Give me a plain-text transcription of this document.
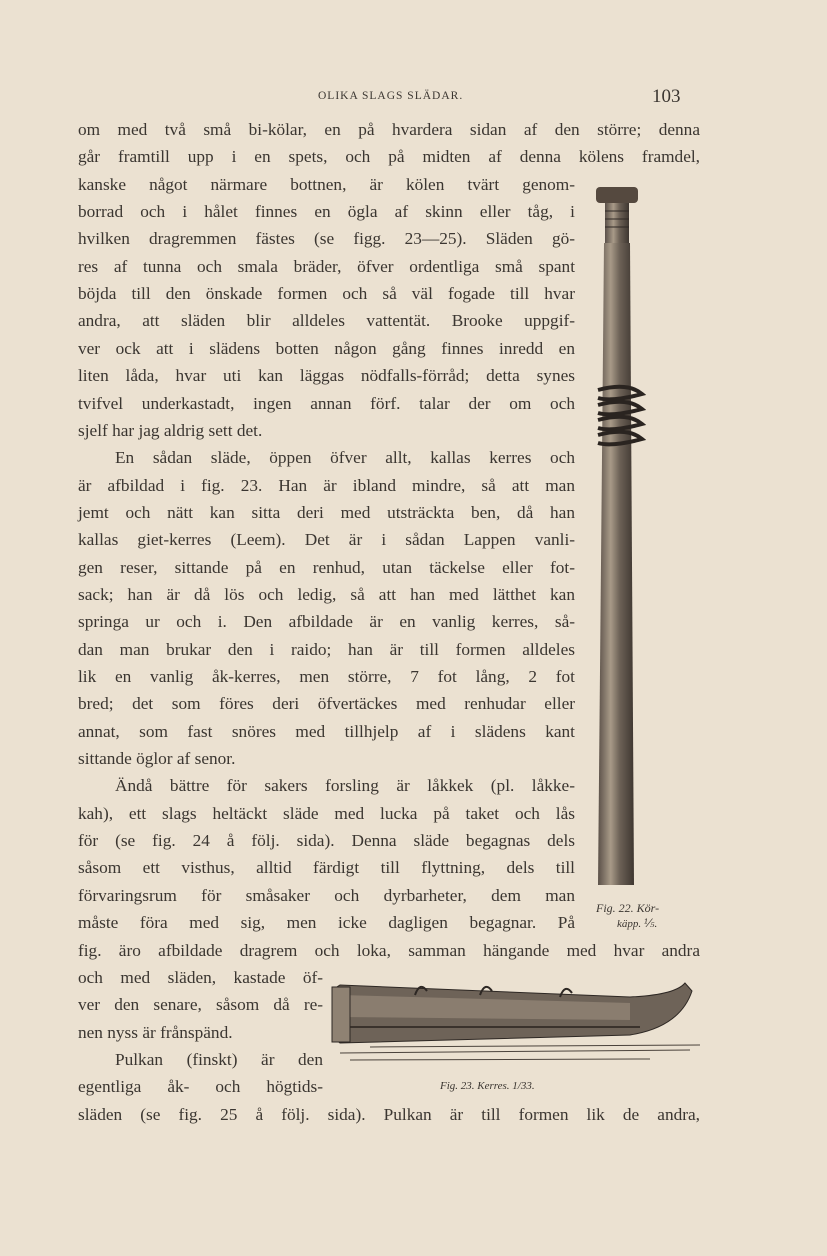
OLIKA SLAGS SLÄDAR.	103
om med två små bi-kölar, en på hvardera sidan af den större; denna
går framtill upp i en spets, och på midten af denna kölens framdel,
kanske något närmare bottnen, är kölen tvärt genom-
borrad och i hålet finnes en ögla af skinn eller tåg, i
hvilken dragremmen fästes (se figg. 23—25). Släden gö-
res af tunna och smala bräder, öfver ordentliga små spant
böjda till den önskade formen och så väl fogade till hvar
andra, att släden blir alldeles vattentät. Brooke uppgif-
ver ock att i slädens botten någon gång finnes inredd en
liten låda, hvar uti kan läggas nödfalls-förråd; detta synes
tvifvel underkastadt, ingen annan förf. talar der om och
sjelf har jag aldrig sett det.
En sådan släde, öppen öfver allt, kallas kerres och
är afbildad i fig. 23. Han är ibland mindre, så att man
jemt och nätt kan sitta deri med utsträckta ben, då han
kallas giet-kerres (Leem). Det är i sådan Lappen vanli-
gen reser, sittande på en renhud, utan täckelse eller fot-
sack; han är då lös och ledig, så att han med lätthet kan
springa ur och i. Den afbildade är en vanlig kerres, så-
dan man brukar den i raido; han är till formen alldeles
lik en vanlig åk-kerres, men större, 7 fot lång, 2 fot
bred; det som föres deri öfvertäckes med renhudar eller
annat, som fast snöres med tillhjelp af i slädens kant
sittande öglor af senor.
Ändå bättre för sakers forsling är låkkek (pl. låkke-
kah), ett slags heltäckt släde med lucka på taket och lås
för (se fig. 24 å följ. sida). Denna släde begagnas dels
såsom ett visthus, alltid färdigt till flyttning, dels till
förvaringsrum för småsaker och dyrbarheter, dem man
måste föra med sig, men icke dagligen begagnar. På
fig. äro afbildade dragrem och loka, samman hängande med hvar andra
och med släden, kastade öf-
ver den senare, såsom då re-
nen nyss är frånspänd.
Pulkan (finskt) är den
egentliga åk- och högtids-
släden (se fig. 25 å följ. sida). Pulkan är till formen lik de andra,
Fig. 22. Kör-
käpp. ⅕.
Fig. 23. Kerres. 1/33.
